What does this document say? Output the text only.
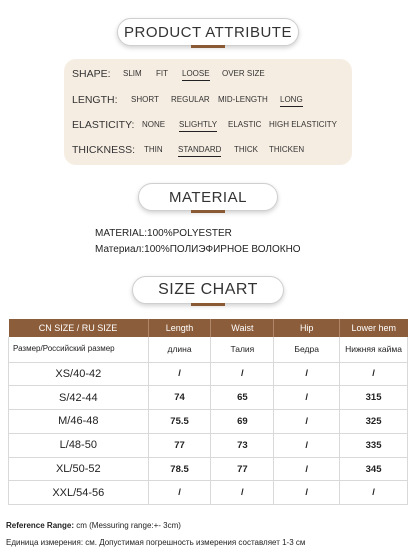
PRODUCT ATTRIBUTE
SHAPE: SLIM FIT LOOSE OVER SIZE
LENGTH: SHORT REGULAR MID-LENGTH LONG
ELASTICITY: NONE SLIGHTLY ELASTIC HIGH ELASTICITY
THICKNESS: THIN STANDARD THICK THICKEN
MATERIAL
MATERIAL:100%POLYESTER
Материал:100%ПОЛИЭФИРНОЕ ВОЛОКНО
SIZE CHART
CN SIZE / RU SIZE	Length	Waist	Hip	Lower hem
Размер/Российский размер	длина	Талия	Бедра	Нижняя кайма
XS/40-42	/	/	/	/
S/42-44	74	65	/	315
M/46-48	75.5	69	/	325
L/48-50	77	73	/	335
XL/50-52	78.5	77	/	345
XXL/54-56	/	/	/	/
Reference Range: cm (Messuring range:+- 3cm)
Единица измерения: см. Допустимая погрешность измерения составляет 1-3 см
